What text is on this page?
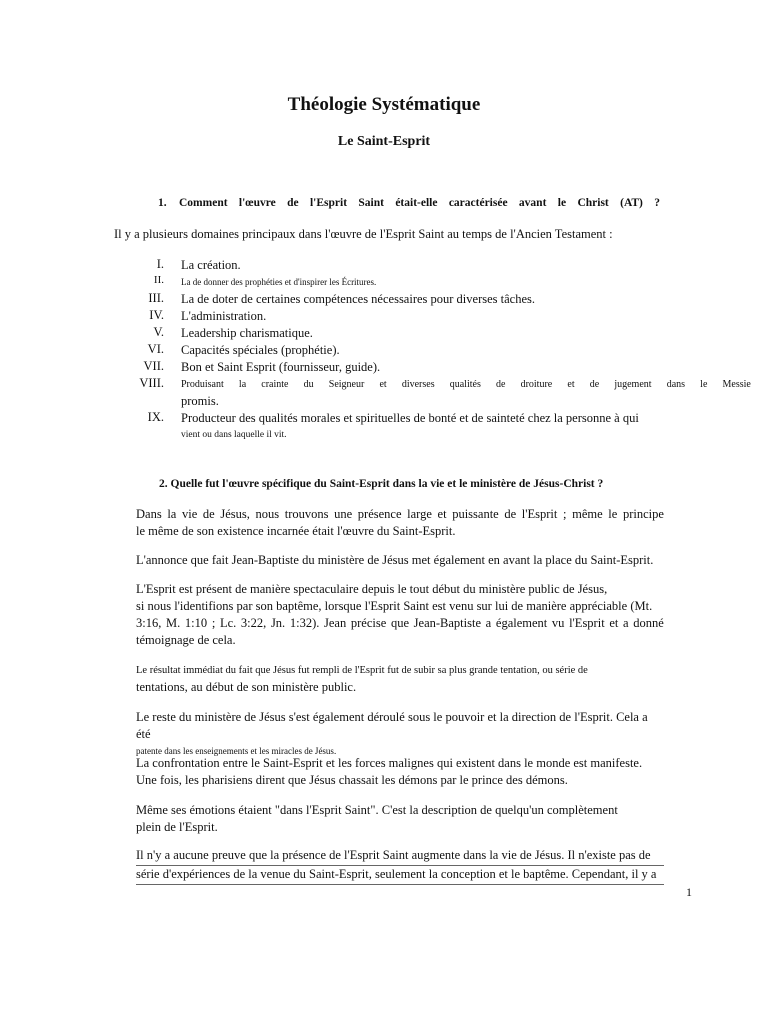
Théologie Systématique
Le Saint-Esprit
1. Comment l'œuvre de l'Esprit Saint était-elle caractérisée avant le Christ (AT) ?
Il y a plusieurs domaines principaux dans l'œuvre de l'Esprit Saint au temps de l'Ancien Testament :
I.	La création.
II.	La de donner des prophéties et d'inspirer les Écritures.
III.	La de doter de certaines compétences nécessaires pour diverses tâches.
IV.	L'administration.
V.	Leadership charismatique.
VI.	Capacités spéciales (prophétie).
VII.	Bon et Saint Esprit (fournisseur, guide).
VIII.	Produisant la crainte du Seigneur et diverses qualités de droiture et de jugement dans le Messie
promis.
IX.	Producteur des qualités morales et spirituelles de bonté et de sainteté chez la personne à qui
vient ou dans laquelle il vit.
2. Quelle fut l'œuvre spécifique du Saint-Esprit dans la vie et le ministère de Jésus-Christ ?
Dans la vie de Jésus, nous trouvons une présence large et puissante de l'Esprit ; même le principe
le même de son existence incarnée était l'œuvre du Saint-Esprit.
L'annonce que fait Jean-Baptiste du ministère de Jésus met également en avant la place du Saint-Esprit.
L'Esprit est présent de manière spectaculaire depuis le tout début du ministère public de Jésus,
si nous l'identifions par son baptême, lorsque l'Esprit Saint est venu sur lui de manière appréciable (Mt.
3:16, M. 1:10 ; Lc. 3:22, Jn. 1:32). Jean précise que Jean-Baptiste a également vu l'Esprit et a donné
témoignage de cela.
Le résultat immédiat du fait que Jésus fut rempli de l'Esprit fut de subir sa plus grande tentation, ou série de
tentations, au début de son ministère public.
Le reste du ministère de Jésus s'est également déroulé sous le pouvoir et la direction de l'Esprit. Cela a été
patente dans les enseignements et les miracles de Jésus.
La confrontation entre le Saint-Esprit et les forces malignes qui existent dans le monde est manifeste.
Une fois, les pharisiens dirent que Jésus chassait les démons par le prince des démons.
Même ses émotions étaient "dans l'Esprit Saint". C'est la description de quelqu'un complètement
plein de l'Esprit.
Il n'y a aucune preuve que la présence de l'Esprit Saint augmente dans la vie de Jésus. Il n'existe pas de
série d'expériences de la venue du Saint-Esprit, seulement la conception et le baptême. Cependant, il y a
1
